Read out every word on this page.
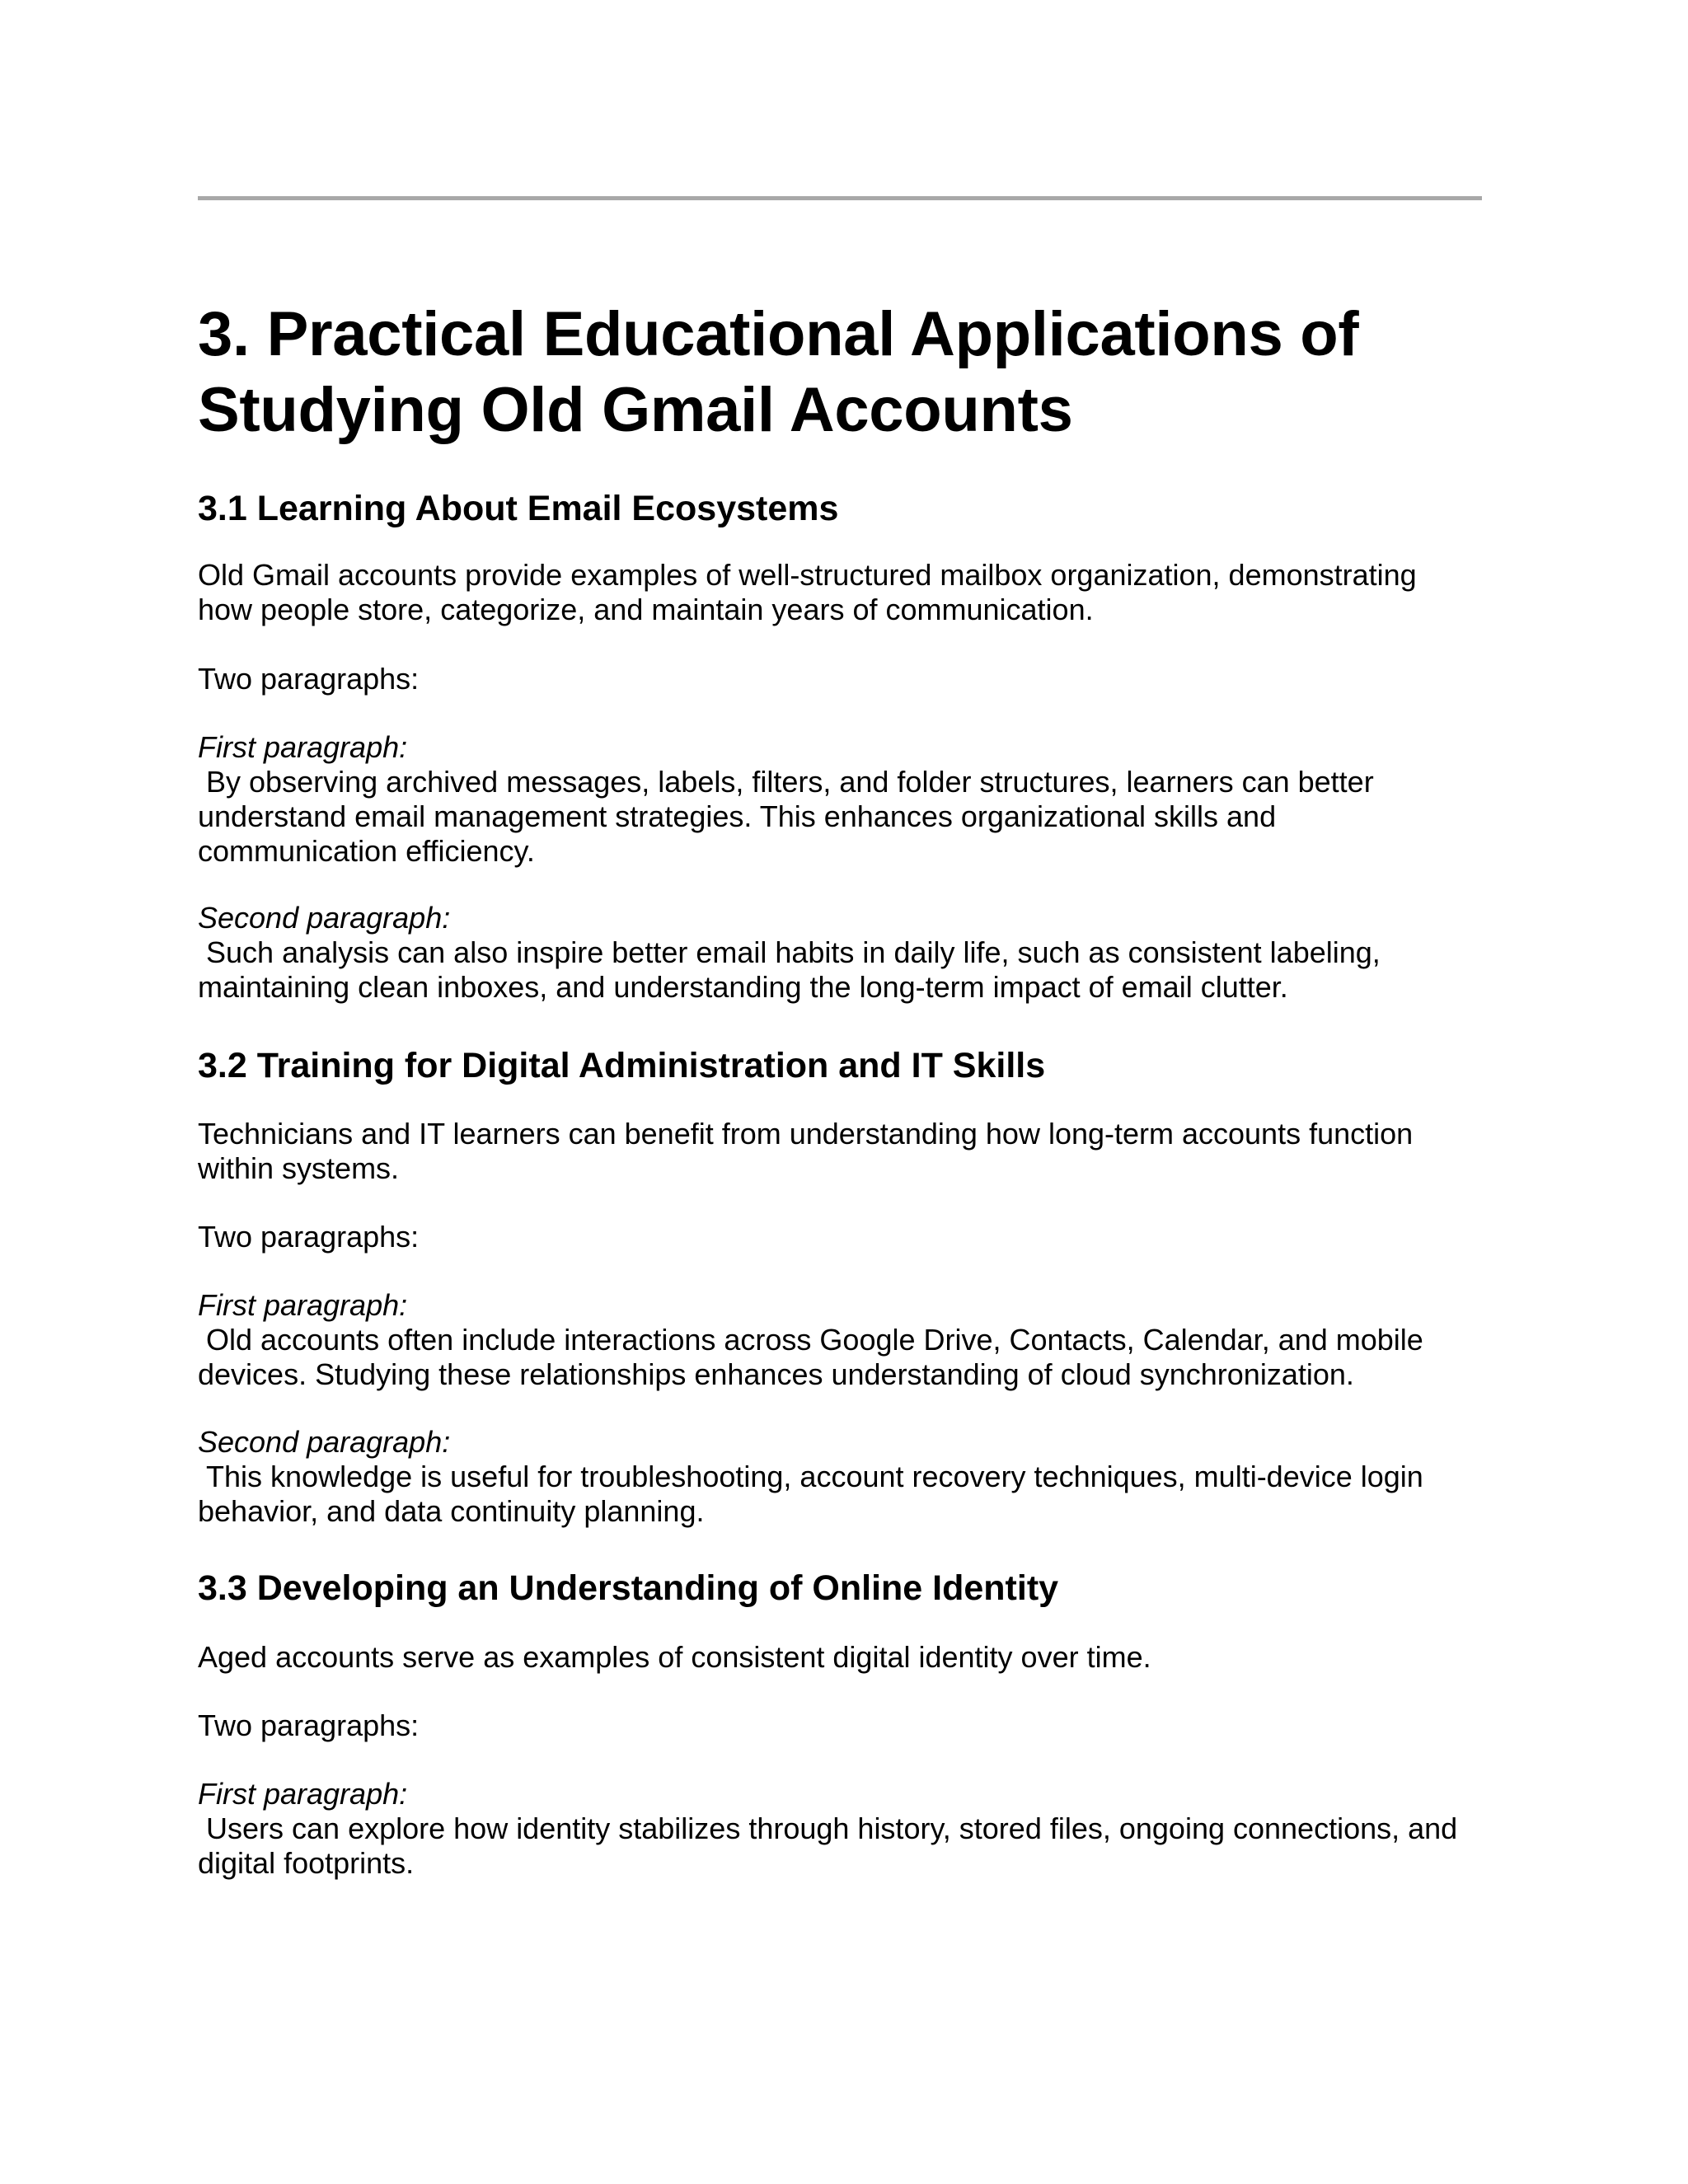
3. Practical Educational Applications of
Studying Old Gmail Accounts
3.1 Learning About Email Ecosystems

Old Gmail accounts provide examples of well-structured mailbox organization, demonstrating
how people store, categorize, and maintain years of communication.

Two paragraphs:

First paragraph:
By observing archived messages, labels, filters, and folder structures, learners can better
understand email management strategies. This enhances organizational skills and
communication efficiency.

Second paragraph:
Such analysis can also inspire better email habits in daily life, such as consistent labeling,
maintaining clean inboxes, and understanding the long-term impact of email clutter.

3.2 Training for Digital Administration and IT Skills

Technicians and IT learners can benefit from understanding how long-term accounts function
within systems.

Two paragraphs:

First paragraph:
Old accounts often include interactions across Google Drive, Contacts, Calendar, and mobile
devices. Studying these relationships enhances understanding of cloud synchronization.

Second paragraph:
This knowledge is useful for troubleshooting, account recovery techniques, multi-device login
behavior, and data continuity planning.

3.3 Developing an Understanding of Online Identity

Aged accounts serve as examples of consistent digital identity over time.

Two paragraphs:

First paragraph:
Users can explore how identity stabilizes through history, stored files, ongoing connections, and
digital footprints.
